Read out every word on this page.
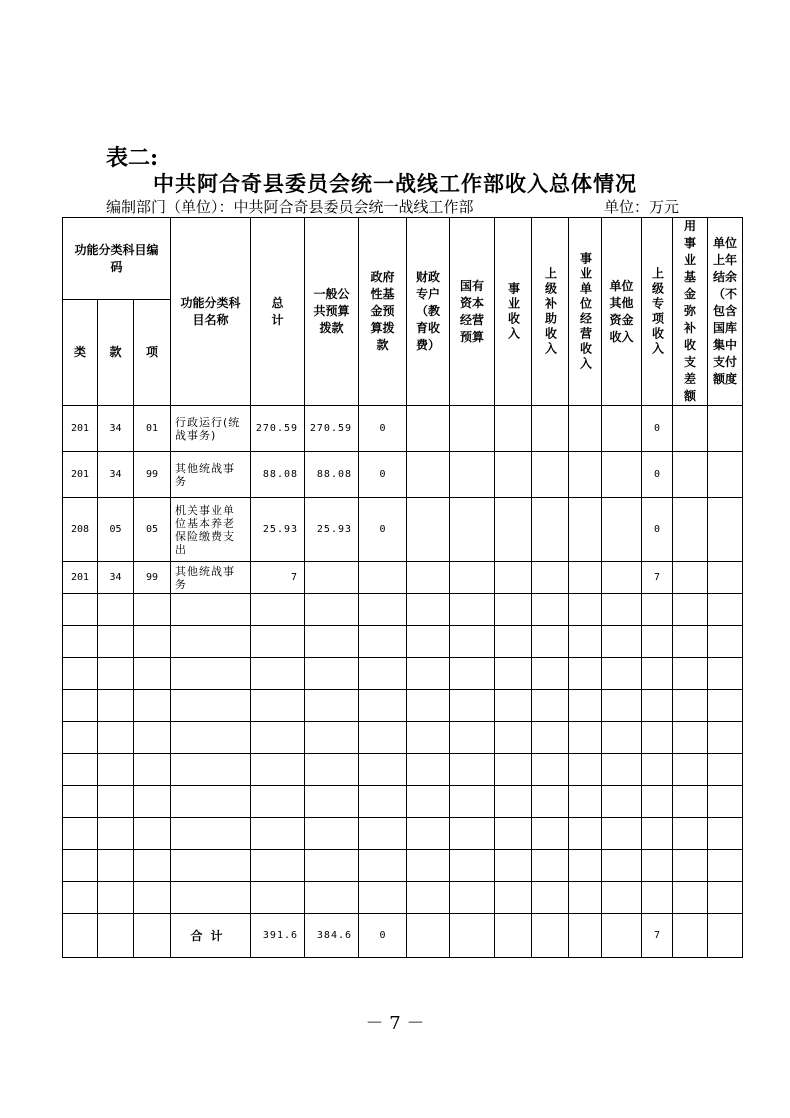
表二:
中共阿合奇县委员会统一战线工作部收入总体情况
编制部门（单位）：中共阿合奇县委员会统一战线工作部	单位：万元
功能分类科目编码			功能分类科目名称	总计	一般公共预算拨款	政府性基金预算拨款	财政专户（教育收费）	国有资本经营预算	事业收入	上级补助收入	事业单位经营收入	单位其他资金收入	上级专项收入	用事业基金弥补收支差额	单位上年结余（不包含国库集中支付额度
类	款	项													
201	34	01	行政运行(统战事务)	270.59	270.59	0							0		
201	34	99	其他统战事务	88.08	88.08	0							0		
208	05	05	机关事业单位基本养老保险缴费支出	25.93	25.93	0							0		
201	34	99	其他统战事务	7									7		

			合计	391.6	384.6	0							7		
－ 7 －
